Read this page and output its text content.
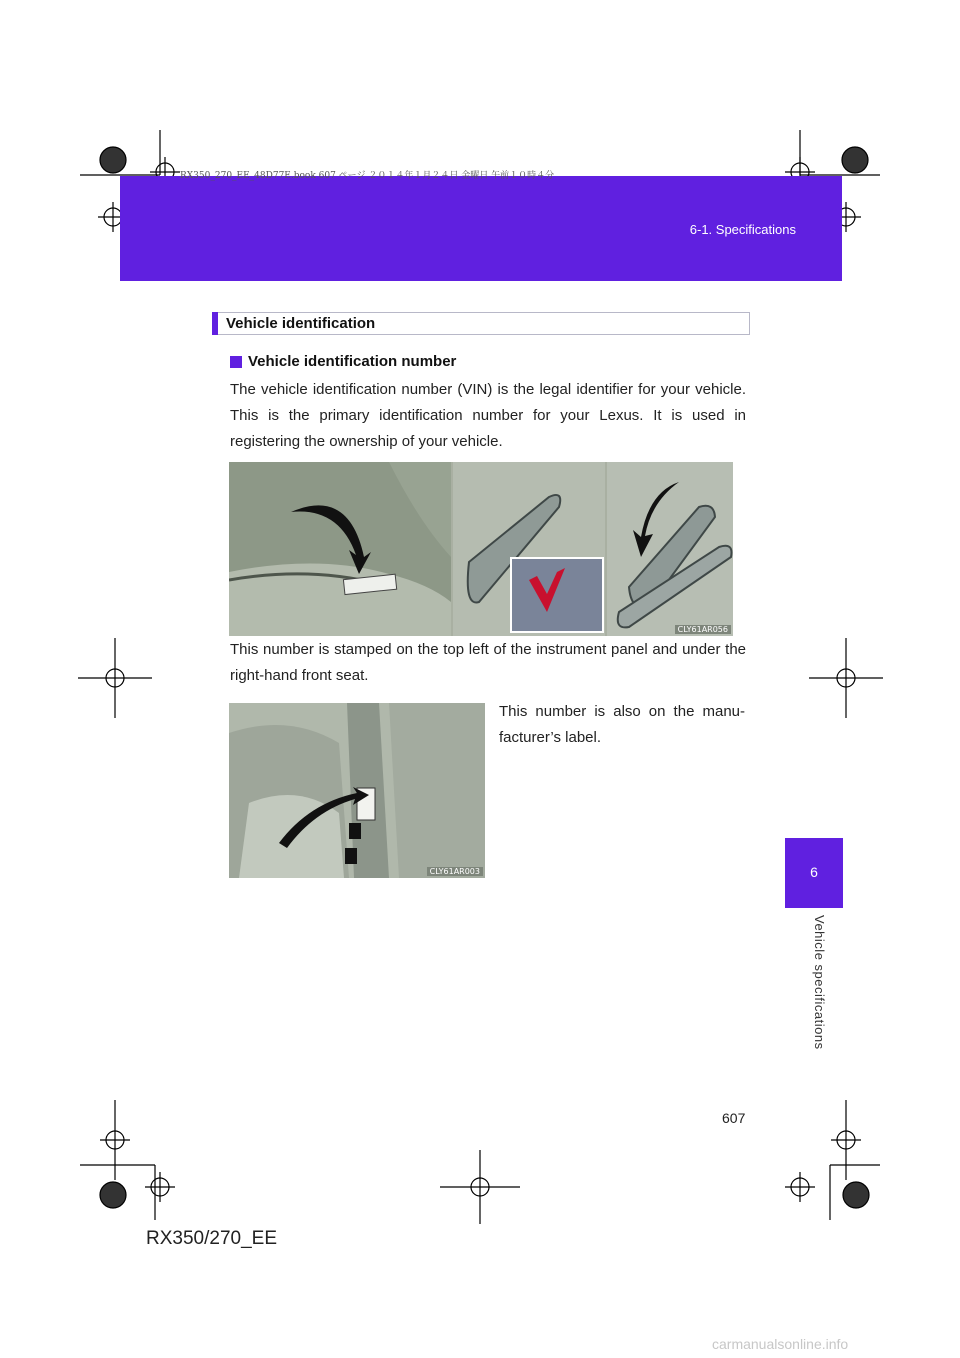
RX350_270_EE_48D77E.book 607 ページ ２０１４年１月２４日 金曜日 午前１０時４分
6-1. Specifications
6
Vehicle specifications
Vehicle identification
Vehicle identification number
The vehicle identification number (VIN) is the legal identifier for your vehicle. This is the primary identification number for your Lexus. It is used in registering the ownership of your vehicle.
CLY61AR056
This number is stamped on the top left of the instrument panel and under the right-hand front seat.
CLY61AR003
This number is also on the manu-facturer’s label.
607
RX350/270_EE
carmanualsonline.info
